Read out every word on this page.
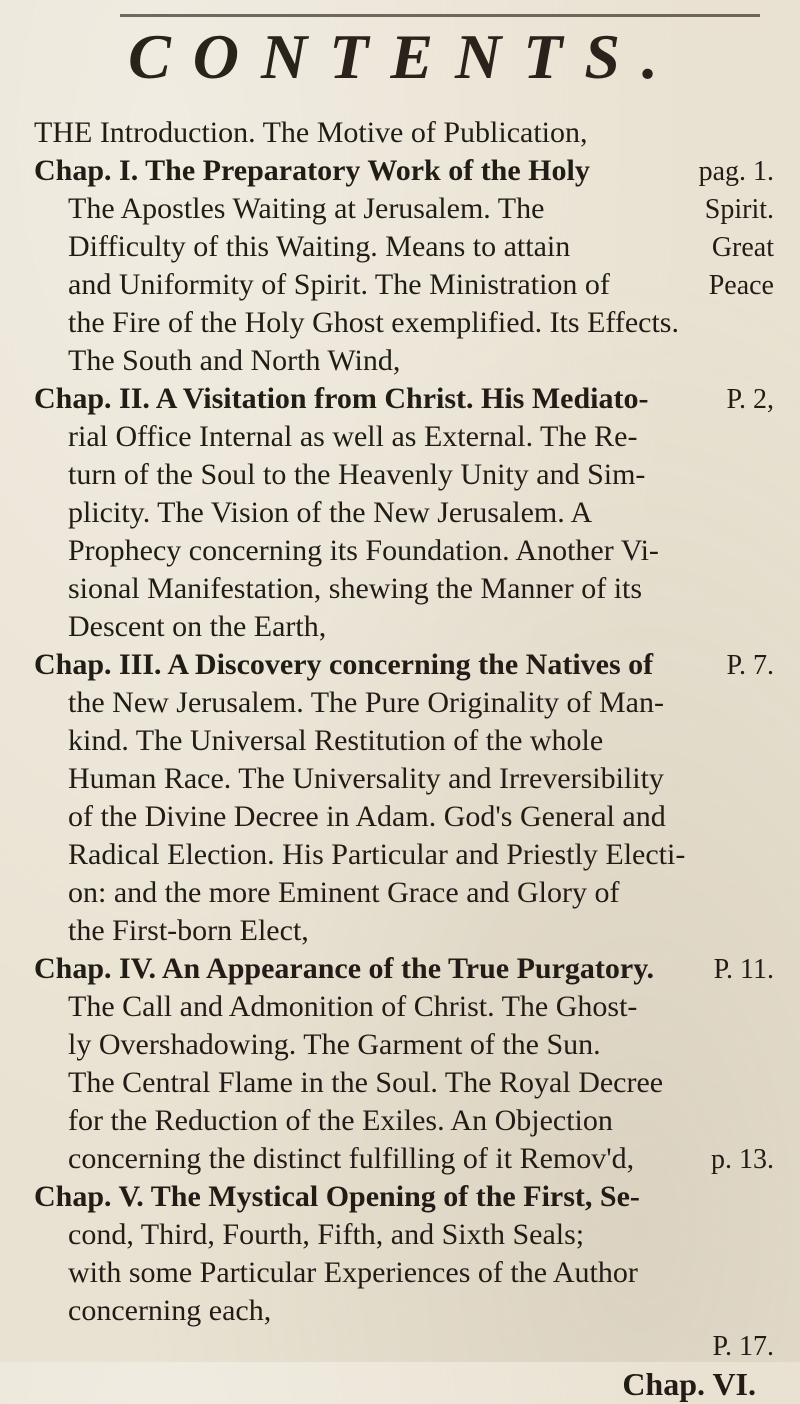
CONTENTS.
THE Introduction. The Motive of Publication,
Chap. I. The Preparatory Work of the Holy	pag. 1.
The Apostles Waiting at Jerusalem. The	Spirit.
Difficulty of this Waiting. Means to attain	Great
and Uniformity of Spirit. The Ministration of	Peace
the Fire of the Holy Ghost exemplified. Its Effects.
The South and North Wind,
Chap. II. A Visitation from Christ. His Mediato-	P. 2,
rial Office Internal as well as External. The Re-
turn of the Soul to the Heavenly Unity and Sim-
plicity. The Vision of the New Jerusalem. A
Prophecy concerning its Foundation. Another Vi-
sional Manifestation, shewing the Manner of its
Descent on the Earth,
Chap. III. A Discovery concerning the Natives of	P. 7.
the New Jerusalem. The Pure Originality of Man-
kind. The Universal Restitution of the whole
Human Race. The Universality and Irreversibility
of the Divine Decree in Adam. God's General and
Radical Election. His Particular and Priestly Electi-
on: and the more Eminent Grace and Glory of
the First-born Elect,
Chap. IV. An Appearance of the True Purgatory.	P. 11.
The Call and Admonition of Christ. The Ghost-
ly Overshadowing. The Garment of the Sun.
The Central Flame in the Soul. The Royal Decree
for the Reduction of the Exiles. An Objection
concerning the distinct fulfilling of it Remov'd,	p. 13.
Chap. V. The Mystical Opening of the First, Se-
cond, Third, Fourth, Fifth, and Sixth Seals;
with some Particular Experiences of the Author
concerning each,
P. 17.
Chap. VI.
